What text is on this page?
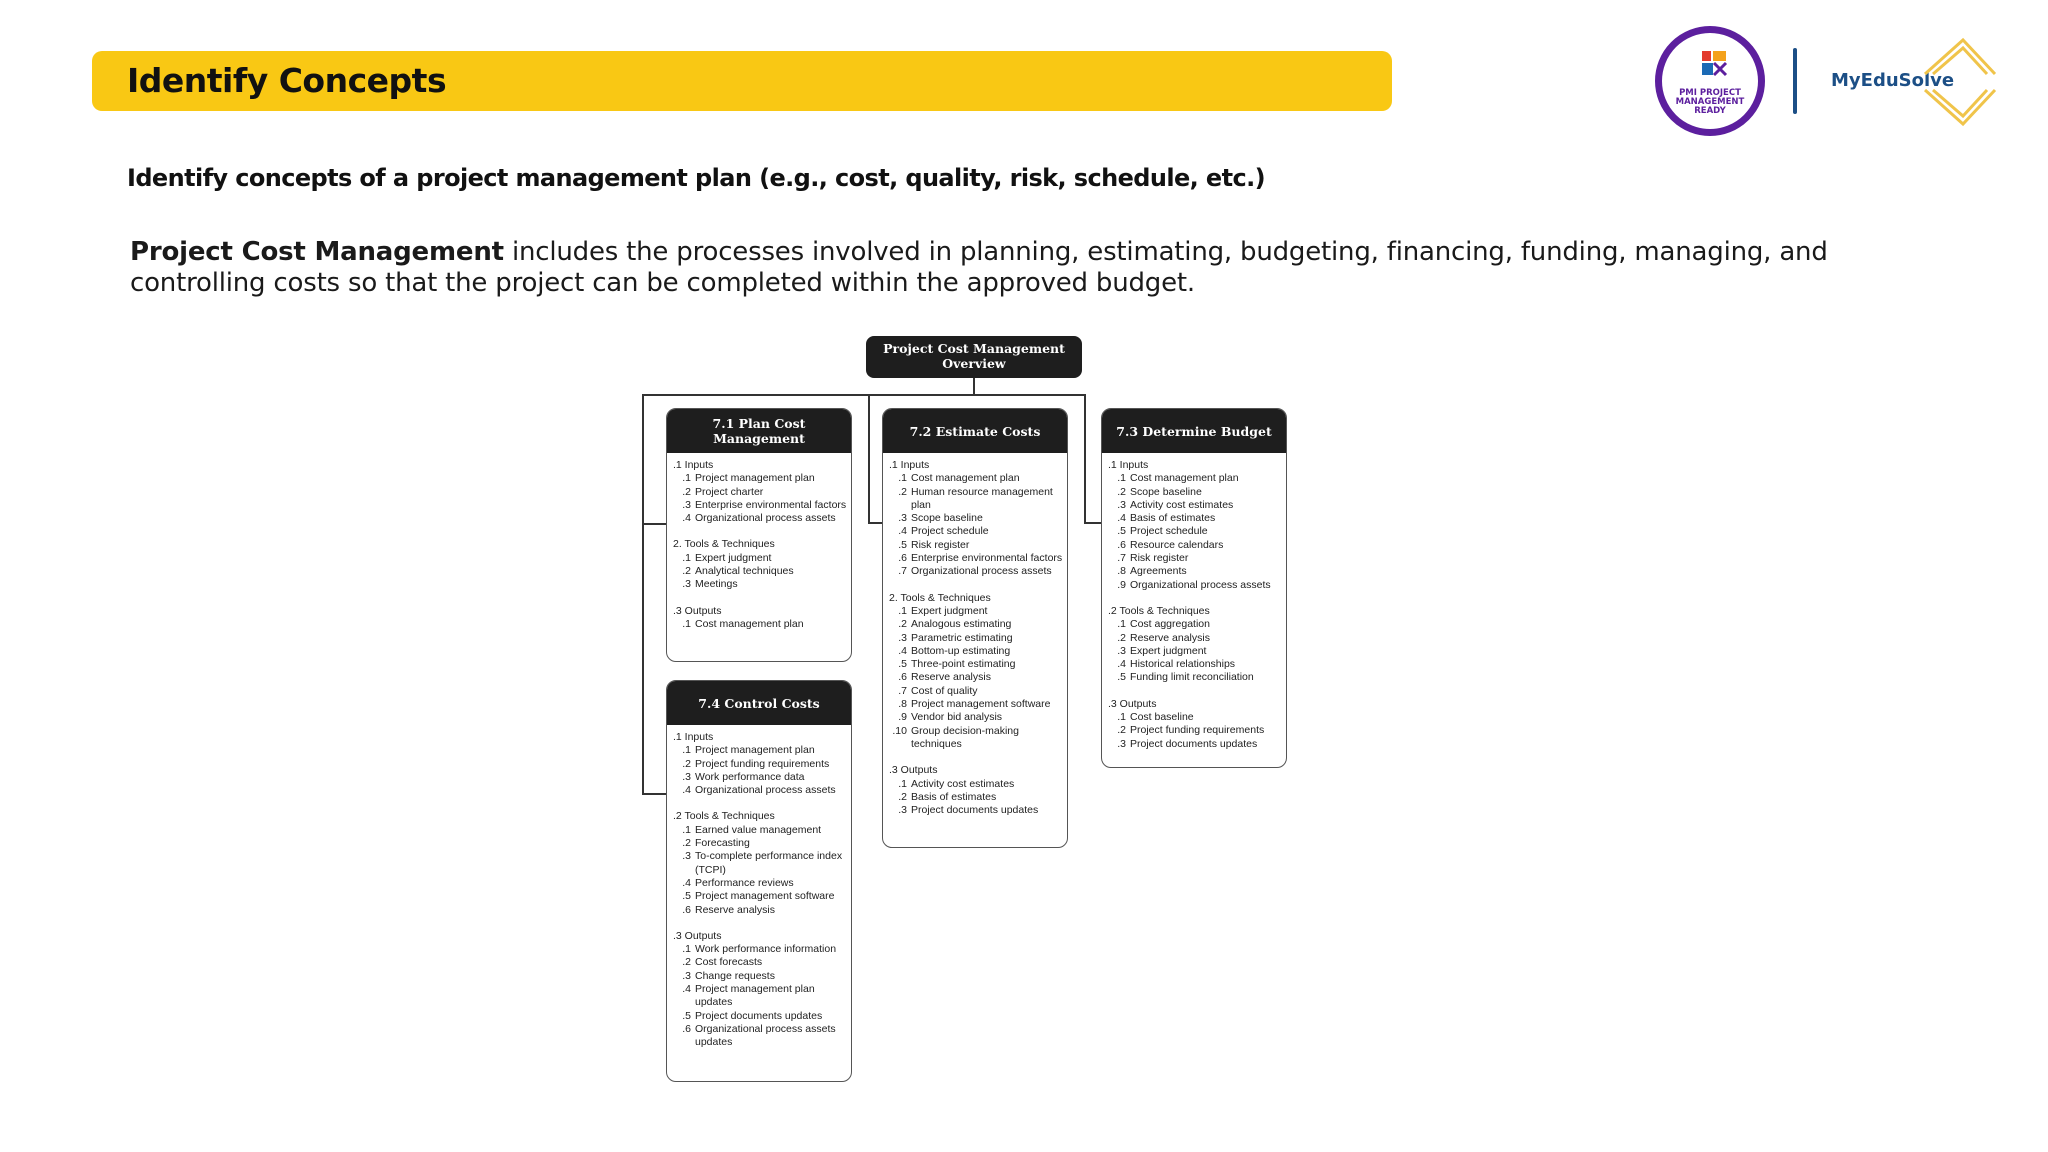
Identify Concepts	PMI PROJECT MANAGEMENT READY
MyEduSolve
Identify concepts of a project management plan (e.g., cost, quality, risk, schedule, etc.)
Project Cost Management includes the processes involved in planning, estimating, budgeting, financing, funding, managing, and controlling costs so that the project can be completed within the approved budget.
Project Cost Management Overview
7.1 Plan Cost Management
.1 Inputs
.1 Project management plan
.2 Project charter
.3 Enterprise environmental factors
.4 Organizational process assets
2. Tools & Techniques
.1 Expert judgment
.2 Analytical techniques
.3 Meetings
.3 Outputs
.1 Cost management plan
7.2 Estimate Costs
.1 Inputs
.1 Cost management plan
.2 Human resource management plan
.3 Scope baseline
.4 Project schedule
.5 Risk register
.6 Enterprise environmental factors
.7 Organizational process assets
2. Tools & Techniques
.1 Expert judgment
.2 Analogous estimating
.3 Parametric estimating
.4 Bottom-up estimating
.5 Three-point estimating
.6 Reserve analysis
.7 Cost of quality
.8 Project management software
.9 Vendor bid analysis
.10 Group decision-making techniques
.3 Outputs
.1 Activity cost estimates
.2 Basis of estimates
.3 Project documents updates
7.3 Determine Budget
.1 Inputs
.1 Cost management plan
.2 Scope baseline
.3 Activity cost estimates
.4 Basis of estimates
.5 Project schedule
.6 Resource calendars
.7 Risk register
.8 Agreements
.9 Organizational process assets
.2 Tools & Techniques
.1 Cost aggregation
.2 Reserve analysis
.3 Expert judgment
.4 Historical relationships
.5 Funding limit reconciliation
.3 Outputs
.1 Cost baseline
.2 Project funding requirements
.3 Project documents updates
7.4 Control Costs
.1 Inputs
.1 Project management plan
.2 Project funding requirements
.3 Work performance data
.4 Organizational process assets
.2 Tools & Techniques
.1 Earned value management
.2 Forecasting
.3 To-complete performance index (TCPI)
.4 Performance reviews
.5 Project management software
.6 Reserve analysis
.3 Outputs
.1 Work performance information
.2 Cost forecasts
.3 Change requests
.4 Project management plan updates
.5 Project documents updates
.6 Organizational process assets updates
